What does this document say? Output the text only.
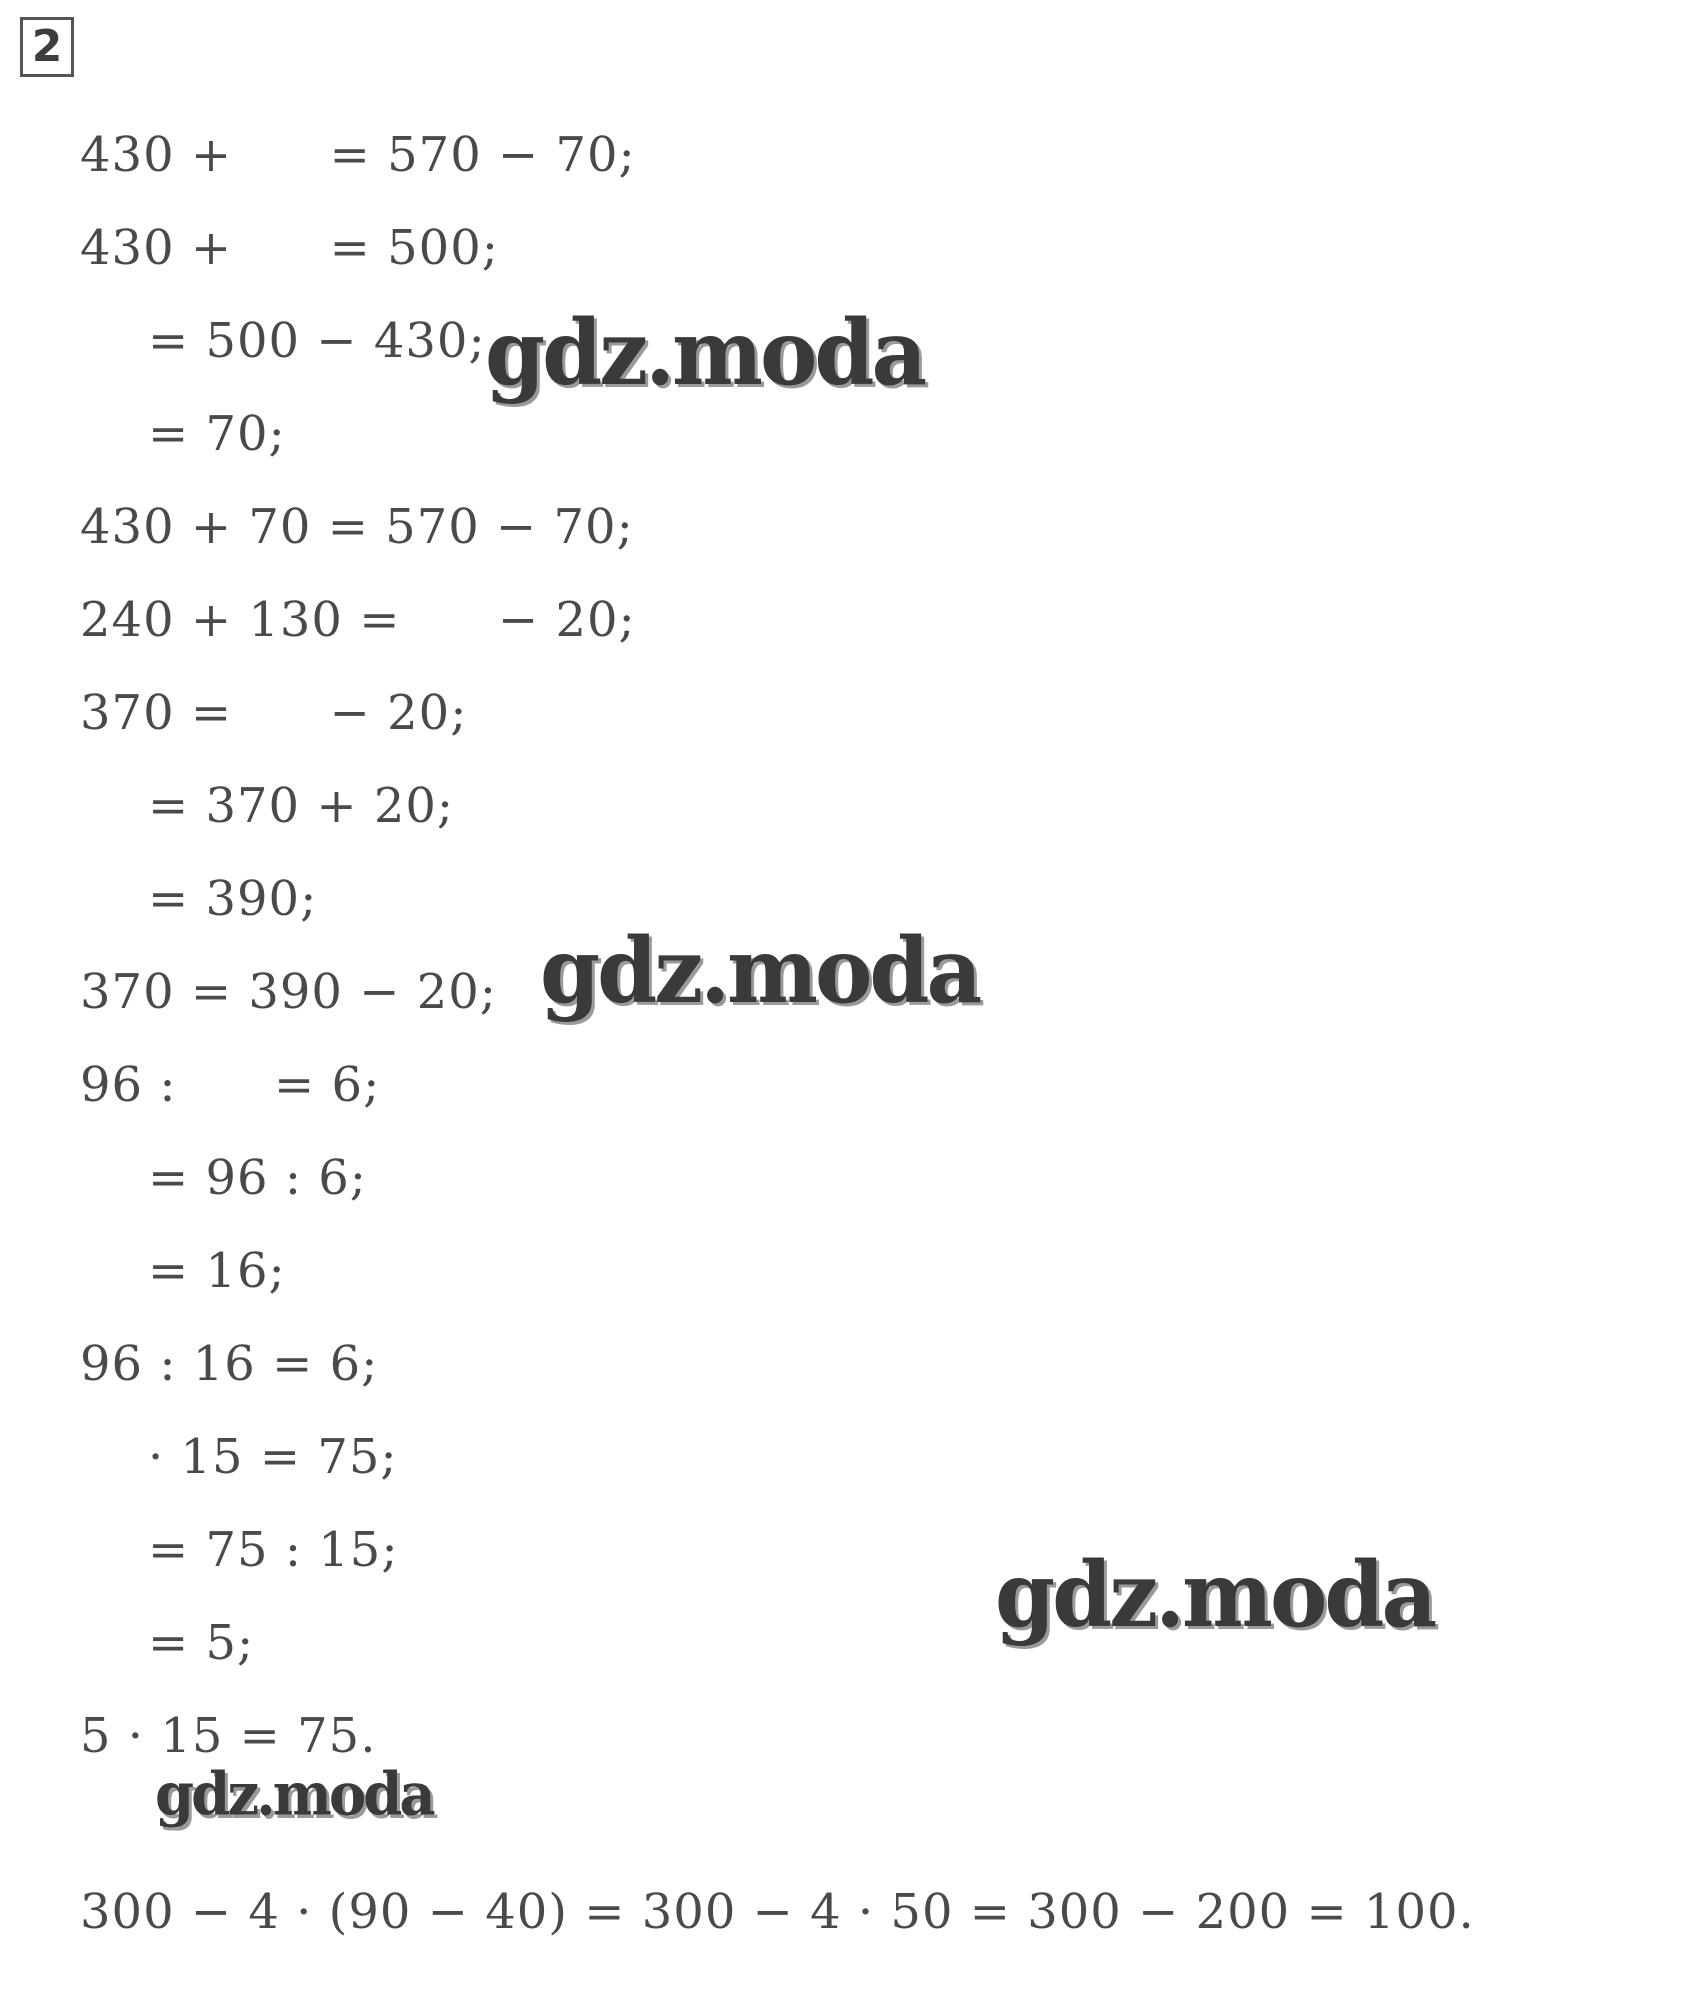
2
430 +      = 570 − 70;
430 +      = 500;
= 500 − 430;
= 70;
430 + 70 = 570 − 70;
240 + 130 =      − 20;
370 =      − 20;
= 370 + 20;
= 390;
370 = 390 − 20;
96 :      = 6;
= 96 : 6;
= 16;
96 : 16 = 6;
· 15 = 75;
= 75 : 15;
= 5;
5 · 15 = 75.
300 − 4 · (90 − 40) = 300 − 4 · 50 = 300 − 200 = 100.
gdz.moda
gdz.moda
gdz.moda
gdz.moda
